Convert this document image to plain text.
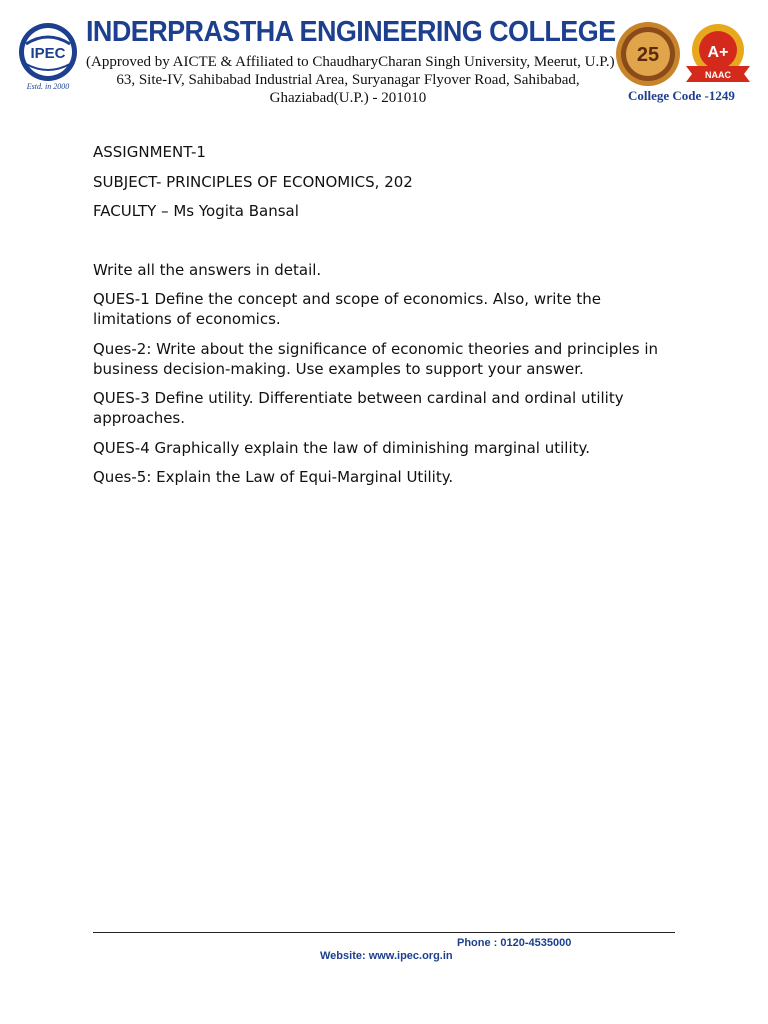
IPEC
Estd. in 2000
INDERPRASTHA ENGINEERING COLLEGE
(Approved by AICTE & Affiliated to ChaudharyCharan Singh University, Meerut, U.P.)
63, Site-IV, Sahibabad Industrial Area, Suryanagar Flyover Road, Sahibabad,
Ghaziabad(U.P.) - 201010
25	A+
NAAC
College Code -1249

ASSIGNMENT-1

SUBJECT- PRINCIPLES OF ECONOMICS, 202

FACULTY – Ms Yogita Bansal

Write all the answers in detail.

QUES-1 Define the concept and scope of economics. Also, write the limitations of economics.

Ques-2: Write about the significance of economic theories and principles in business decision-making. Use examples to support your answer.

QUES-3 Define utility. Differentiate between cardinal and ordinal utility approaches.

QUES-4 Graphically explain the law of diminishing marginal utility.

Ques-5: Explain the Law of Equi-Marginal Utility.

Phone : 0120-4535000
Website: www.ipec.org.in
